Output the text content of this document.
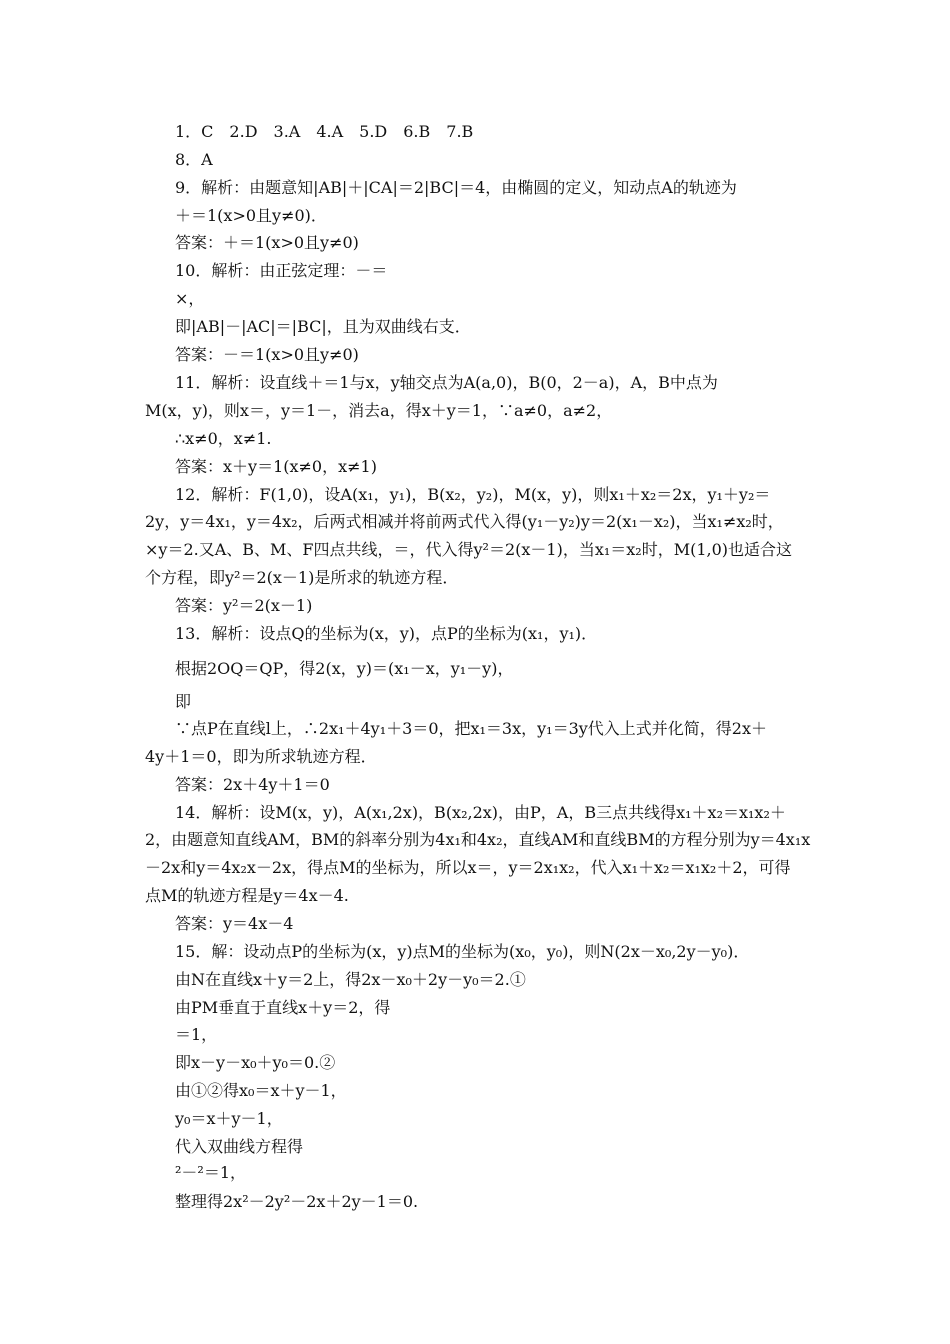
1．C　2.D　3.A　4.A　5.D　6.B　7.B
8．A
9．解析：由题意知|AB|＋|CA|＝2|BC|＝4，由椭圆的定义，知动点A的轨迹为
＋＝1(x>0且y≠0)．
答案：＋＝1(x>0且y≠0)
10．解析：由正弦定理：－＝
×，
即|AB|－|AC|＝|BC|，且为双曲线右支．
答案：－＝1(x>0且y≠0)
11．解析：设直线＋＝1与x，y轴交点为A(a,0)，B(0，2－a)，A，B中点为
M(x，y)，则x＝，y＝1－，消去a，得x＋y＝1，∵a≠0，a≠2，
∴x≠0，x≠1.
答案：x＋y＝1(x≠0，x≠1)
12．解析：F(1,0)，设A(x₁，y₁)，B(x₂，y₂)，M(x，y)，则x₁＋x₂＝2x，y₁＋y₂＝
2y，y＝4x₁，y＝4x₂，后两式相减并将前两式代入得(y₁－y₂)y＝2(x₁－x₂)，当x₁≠x₂时，
×y＝2.又A、B、M、F四点共线，＝，代入得y²＝2(x－1)，当x₁＝x₂时，M(1,0)也适合这
个方程，即y²＝2(x－1)是所求的轨迹方程．
答案：y²＝2(x－1)
13．解析：设点Q的坐标为(x，y)，点P的坐标为(x₁，y₁)．
根据2OQ＝QP，得2(x，y)＝(x₁－x，y₁－y)，
即
∵点P在直线l上，∴2x₁＋4y₁＋3＝0，把x₁＝3x，y₁＝3y代入上式并化简，得2x＋
4y＋1＝0，即为所求轨迹方程．
答案：2x＋4y＋1＝0
14．解析：设M(x，y)，A(x₁,2x)，B(x₂,2x)，由P，A，B三点共线得x₁＋x₂＝x₁x₂＋
2，由题意知直线AM，BM的斜率分别为4x₁和4x₂，直线AM和直线BM的方程分别为y＝4x₁x
－2x和y＝4x₂x－2x，得点M的坐标为，所以x＝，y＝2x₁x₂，代入x₁＋x₂＝x₁x₂＋2，可得
点M的轨迹方程是y＝4x－4.
答案：y＝4x－4
15．解：设动点P的坐标为(x，y)点M的坐标为(x₀，y₀)，则N(2x－x₀,2y－y₀)．
由N在直线x＋y＝2上，得2x－x₀＋2y－y₀＝2.①
由PM垂直于直线x＋y＝2，得
＝1，
即x－y－x₀＋y₀＝0.②
由①②得x₀＝x＋y－1，
y₀＝x＋y－1，
代入双曲线方程得
²－²＝1，
整理得2x²－2y²－2x＋2y－1＝0.
